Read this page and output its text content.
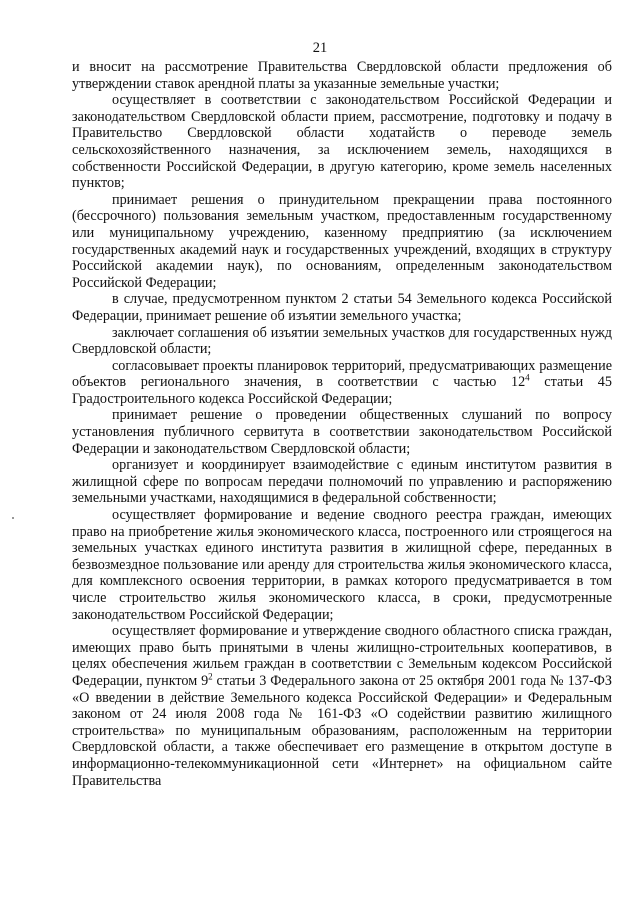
21

и вносит на рассмотрение Правительства Свердловской области предложения об утверждении ставок арендной платы за указанные земельные участки;

осуществляет в соответствии с законодательством Российской Федерации и законодательством Свердловской области прием, рассмотрение, подготовку и подачу в Правительство Свердловской области ходатайств о переводе земель сельскохозяйственного назначения, за исключением земель, находящихся в собственности Российской Федерации, в другую категорию, кроме земель населенных пунктов;

принимает решения о принудительном прекращении права постоянного (бессрочного) пользования земельным участком, предоставленным государственному или муниципальному учреждению, казенному предприятию (за исключением государственных академий наук и государственных учреждений, входящих в структуру Российской академии наук), по основаниям, определенным законодательством Российской Федерации;

в случае, предусмотренном пунктом 2 статьи 54 Земельного кодекса Российской Федерации, принимает решение об изъятии земельного участка;

заключает соглашения об изъятии земельных участков для государственных нужд Свердловской области;

согласовывает проекты планировок территорий, предусматривающих размещение объектов регионального значения, в соответствии с частью $12^4$ статьи 45 Градостроительного кодекса Российской Федерации;

принимает решение о проведении общественных слушаний по вопросу установления публичного сервитута в соответствии законодательством Российской Федерации и законодательством Свердловской области;

организует и координирует взаимодействие с единым институтом развития в жилищной сфере по вопросам передачи полномочий по управлению и распоряжению земельными участками, находящимися в федеральной собственности;

осуществляет формирование и ведение сводного реестра граждан, имеющих право на приобретение жилья экономического класса, построенного или строящегося на земельных участках единого института развития в жилищной сфере, переданных в безвозмездное пользование или аренду для строительства жилья экономического класса, для комплексного освоения территории, в рамках которого предусматривается в том числе строительство жилья экономического класса, в сроки, предусмотренные законодательством Российской Федерации;

осуществляет формирование и утверждение сводного областного списка граждан, имеющих право быть принятыми в члены жилищно-строительных кооперативов, в целях обеспечения жильем граждан в соответствии с Земельным кодексом Российской Федерации, пунктом $9^2$ статьи 3 Федерального закона от 25 октября 2001 года № 137-ФЗ «О введении в действие Земельного кодекса Российской Федерации» и Федеральным законом от 24 июля 2008 года № 161-ФЗ «О содействии развитию жилищного строительства» по муниципальным образованиям, расположенным на территории Свердловской области, а также обеспечивает его размещение в открытом доступе в информационно-телекоммуникационной сети «Интернет» на официальном сайте Правительства
